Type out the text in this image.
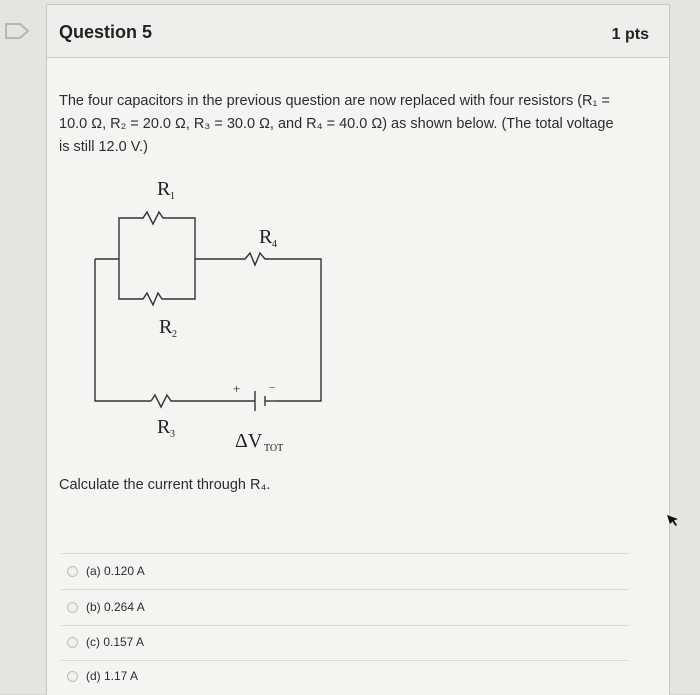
Question 5	1 pts
The four capacitors in the previous question are now replaced with four resistors (R₁ =
10.0 Ω, R₂ = 20.0 Ω, R₃ = 30.0 Ω, and R₄ = 40.0 Ω) as shown below. (The total voltage
is still 12.0 V.)
R 1
R 4
R 2
R 3
+	−
ΔV TOT
Calculate the current through R₄.
(a) 0.120 A
(b) 0.264 A
(c) 0.157 A
(d) 1.17 A
